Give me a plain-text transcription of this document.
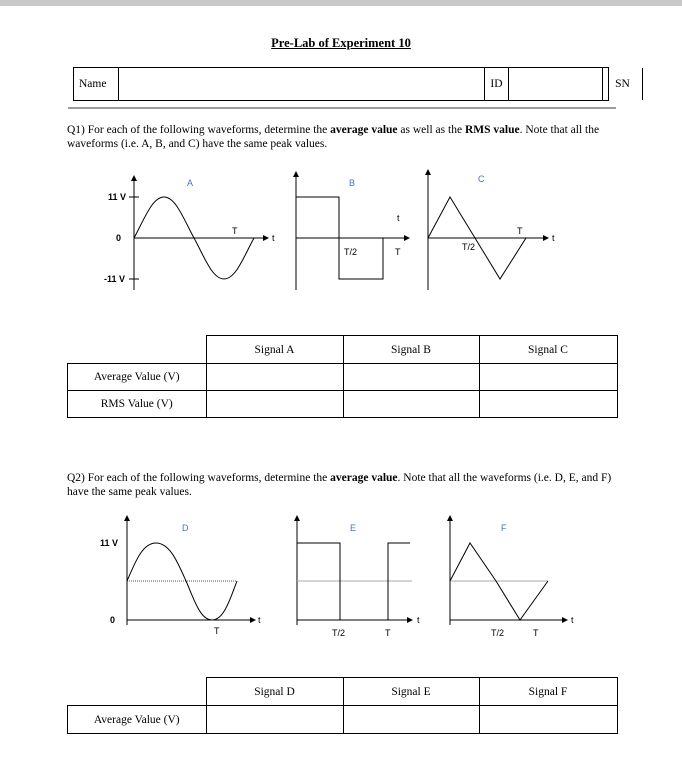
Pre-Lab of Experiment 10
Name	ID	SN
Q1) For each of the following waveforms, determine the average value as well as the RMS value. Note that all the waveforms (i.e. A, B, and C) have the same peak values.
11 V
0
-11 V
A
T
t
B
t
T/2	T
C
T/2
T
t
	Signal A	Signal B	Signal C
Average Value (V)			
RMS Value (V)			
Q2) For each of the following waveforms, determine the average value. Note that all the waveforms (i.e. D, E, and F) have the same peak values.
11 V
0
D
T
t
E
T/2	T
t
F
T/2	T
t
	Signal D	Signal E	Signal F
Average Value (V)			
